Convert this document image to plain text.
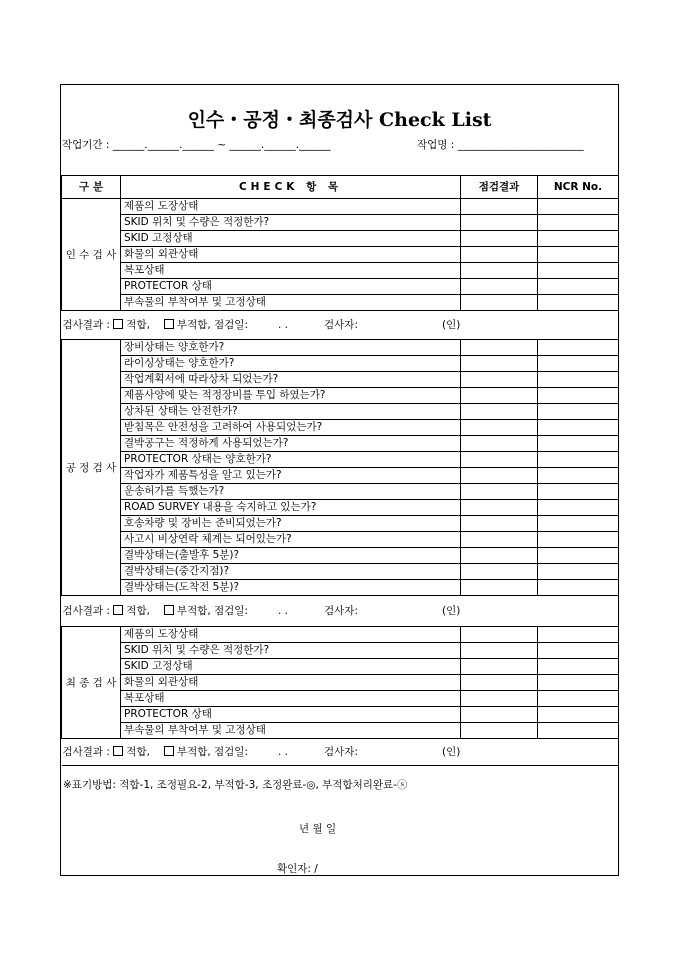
인수・공정・최종검사 Check List
작업기간 : ______.______.______ ~ ______.______.______	작업명 : ________________________
구 분	CHECK 항 목	점검결과	NCR No.
인 수 검 사	제품의 도장상태		
	SKID 위치 및 수량은 적정한가?		
	SKID 고정상태		
	화물의 외관상태		
	복포상태		
	PROTECTOR 상태		
	부속물의 부착여부 및 고정상태		
검사결과 : 적합, 부적합, 점검일: . . 검사자: (인)			
공 정 검 사	장비상태는 양호한가?		
	라이싱상태는 양호한가?		
	작업계획서에 따라상차 되었는가?		
	제품사양에 맞는 적정장비를 투입 하였는가?		
	상차된 상태는 안전한가?		
	받침목은 안전성을 고려하여 사용되었는가?		
	결박공구는 적정하게 사용되었는가?		
	PROTECTOR 상태는 양호한가?		
	작업자가 제품특성을 알고 있는가?		
	운송허가를 득했는가?		
	ROAD SURVEY 내용을 숙지하고 있는가?		
	호송차량 및 장비는 준비되었는가?		
	사고시 비상연락 체계는 되어있는가?		
	결박상태는(출발후 5분)?		
	결박상태는(중간지점)?		
	결박상태는(도착전 5분)?		
검사결과 : 적합, 부적합, 점검일: . . 검사자: (인)			
최 종 검 사	제품의 도장상태		
	SKID 위치 및 수량은 적정한가?		
	SKID 고정상태		
	화물의 외관상태		
	복포상태		
	PROTECTOR 상태		
	부속물의 부착여부 및 고정상태		
검사결과 : 적합, 부적합, 점검일: . . 검사자: (인)			
※표기방법: 적합-1, 조정필요-2, 부적합-3, 조정완료-◎, 부적합처리완료-ⓢ
년 월 일
확인자: /
